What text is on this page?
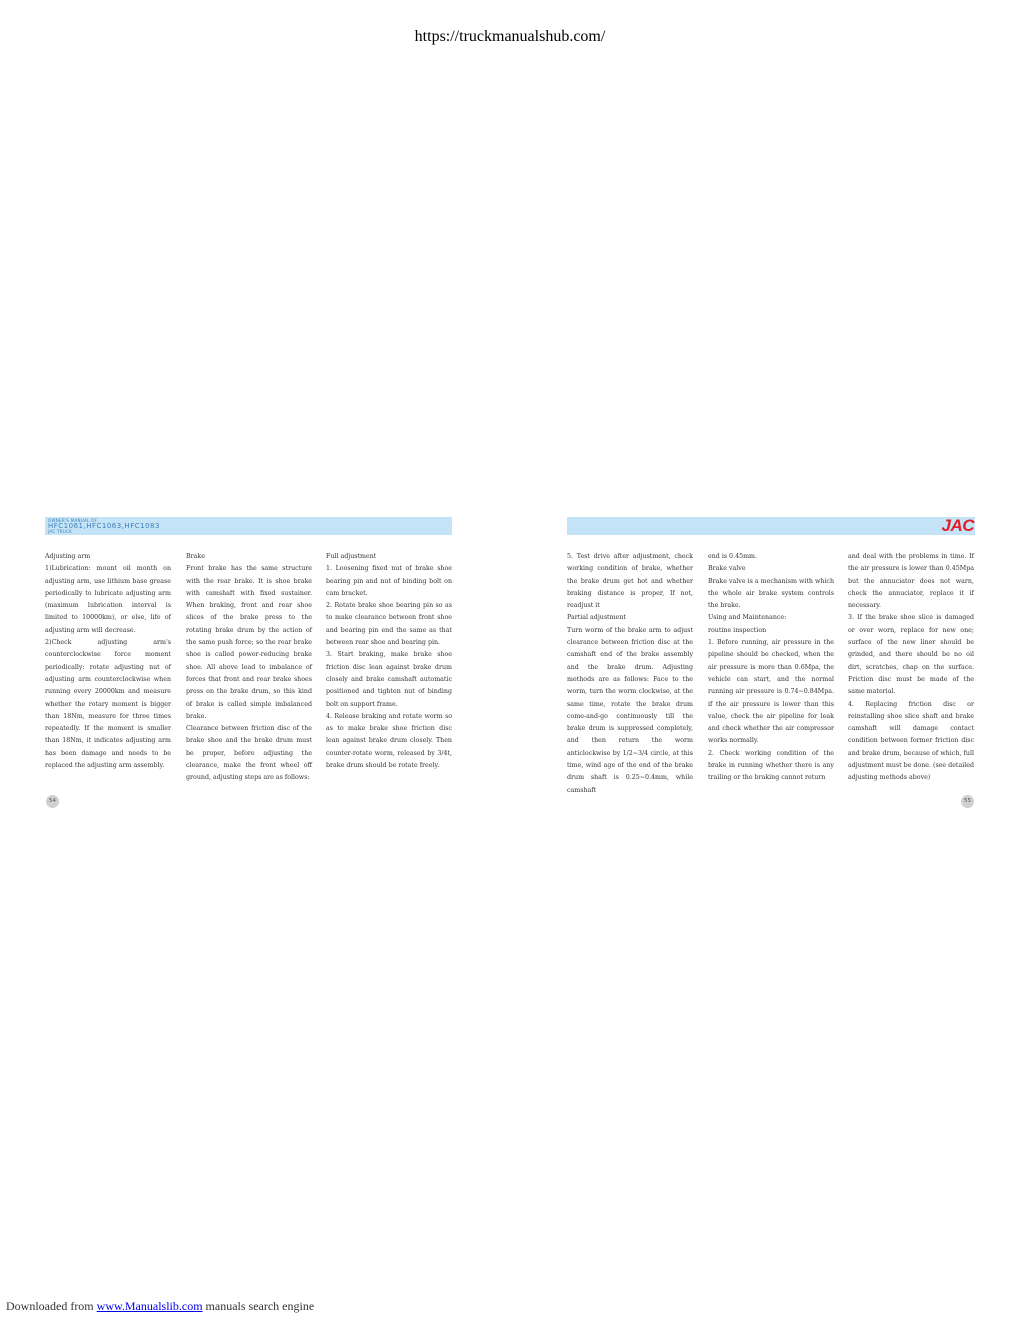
https://truckmanualshub.com/
OWNER'S MANUAL OF
HFC1061,HFC1063,HFC1083
JAC TRUCK

Adjusting arm

1)Lubrication: mount oil month on adjusting arm, use lithium base grease periodically to lubricate adjusting arm (maximum lubrication interval is limited to 10000km), or else, life of adjusting arm will decrease.

2)Check adjusting arm's counterclockwise force moment periodically: rotate adjusting nut of adjusting arm counterclockwise when running every 20000km and measure whether the rotary moment is bigger than 18Nm, measure for three times repeatedly. If the moment is smaller than 18Nm, it indicates adjusting arm has been damage and needs to be replaced the adjusting arm assembly.

Brake

Front brake has the same structure with the rear brake. It is shoe brake with camshaft with fixed sustainer. When braking, front and rear shoe slices of the brake press to the rotating brake drum by the action of the same push force; so the rear brake shoe is called power-reducing brake shoe. All above lead to imbalance of forces that front and rear brake shoes press on the brake drum, so this kind of brake is called simple imbalanced brake.

Clearance between friction disc of the brake shoe and the brake drum must be proper, before adjusting the clearance, make the front wheel off ground, adjusting steps are as follows:

Full adjustment

1. Loosening fixed nut of brake shoe bearing pin and nut of binding bolt on cam bracket.

2. Rotate brake shoe bearing pin so as to make clearance between front shoe and bearing pin end the same as that between rear shoe and bearing pin.

3. Start braking, make brake shoe friction disc lean against brake drum closely and brake camshaft automatic positioned and tighten nut of binding bolt on support frame.

4. Release braking and rotate worm so as to make brake shoe friction disc lean against brake drum closely. Then counter-rotate worm, released by 3/4t, brake drum should be rotate freely.

54
JAC

5. Test drive after adjustment, check working condition of brake, whether the brake drum get hot and whether braking distance is proper, If not, readjust it

Partial adjustment

Turn worm of the brake arm to adjust clearance between friction disc at the camshaft end of the brake assembly and the brake drum. Adjusting methods are as follows: Face to the worm, turn the worm clockwise, at the same time, rotate the brake drum come-and-go continuously till the brake drum is suppressed completely, and then return the worm anticlockwise by 1/2~3/4 circle, at this time, wind age of the end of the brake drum shaft is 0.25~0.4mm, while camshaft

end is 0.45mm.

Brake valve

Brake valve is a mechanism with which the whole air brake system controls the brake.

Using and Maintenance:

routine inspection

1. Before running, air pressure in the pipeline should be checked, when the air pressure is more than 0.6Mpa, the vehicle can start, and the normal running air pressure is 0.74~0.84Mpa. if the air pressure is lower than this value, check the air pipeline for leak and check whether the air compressor works normally.

2. Check working condition of the brake in running whether there is any trailing or the braking cannot return

and deal with the problems in time. If the air pressure is lower than 0.45Mpa but the annuciator does not warn, check the annuciator, replace it if necessary.

3. If the brake shoe slice is damaged or over worn, replace for new one; surface of the new liner should be grinded, and there should be no oil dirt, scratches, chap on the surface. Friction disc must be made of the same material.

4. Replacing friction disc or reinstalling shoe slice shaft and brake camshaft will damage contact condition between former friction disc and brake drum, because of which, full adjustment must be done. (see detailed adjusting methods above)

55
Downloaded from www.Manualslib.com manuals search engine
